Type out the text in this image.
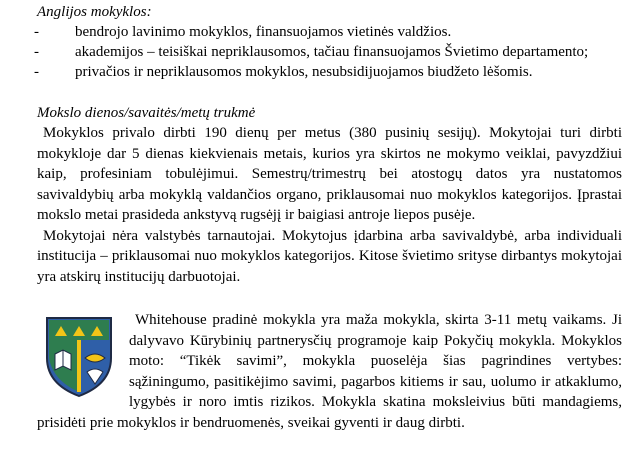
Anglijos mokyklos:

- bendrojo lavinimo mokyklos, finansuojamos vietinės valdžios.
- akademijos – teisiškai nepriklausomos, tačiau finansuojamos Švietimo departamento;
- privačios ir nepriklausomos mokyklos, nesubsidijuojamos biudžeto lėšomis.

Mokslo dienos/savaitės/metų trukmė

Mokyklos privalo dirbti 190 dienų per metus (380 pusinių sesijų). Mokytojai turi dirbti mokykloje dar 5 dienas kiekvienais metais, kurios yra skirtos ne mokymo veiklai, pavyzdžiui kaip, profesiniam tobulėjimui. Semestrų/trimestrų bei atostogų datos yra nustatomos savivaldybių arba mokyklą valdančios organo, priklausomai nuo mokyklos kategorijos. Įprastai mokslo metai prasideda ankstyvą rugsėjį ir baigiasi antroje liepos pusėje.

Mokytojai nėra valstybės tarnautojai. Mokytojus įdarbina arba savivaldybė, arba individuali institucija – priklausomai nuo mokyklos kategorijos. Kitose švietimo srityse dirbantys mokytojai yra atskirų institucijų darbuotojai.

Whitehouse pradinė mokykla yra maža mokykla, skirta 3-11 metų vaikams. Ji dalyvavo Kūrybinių partnerysčių programoje kaip Pokyčių mokykla. Mokyklos moto: “Tikėk savimi”, mokykla puoselėja šias pagrindines vertybes: sąžiningumo, pasitikėjimo savimi, pagarbos kitiems ir sau, uolumo ir atkaklumo, lygybės ir noro imtis rizikos. Mokykla skatina moksleivius būti mandagiems, prisidėti prie mokyklos ir bendruomenės, sveikai gyventi ir daug dirbti.
